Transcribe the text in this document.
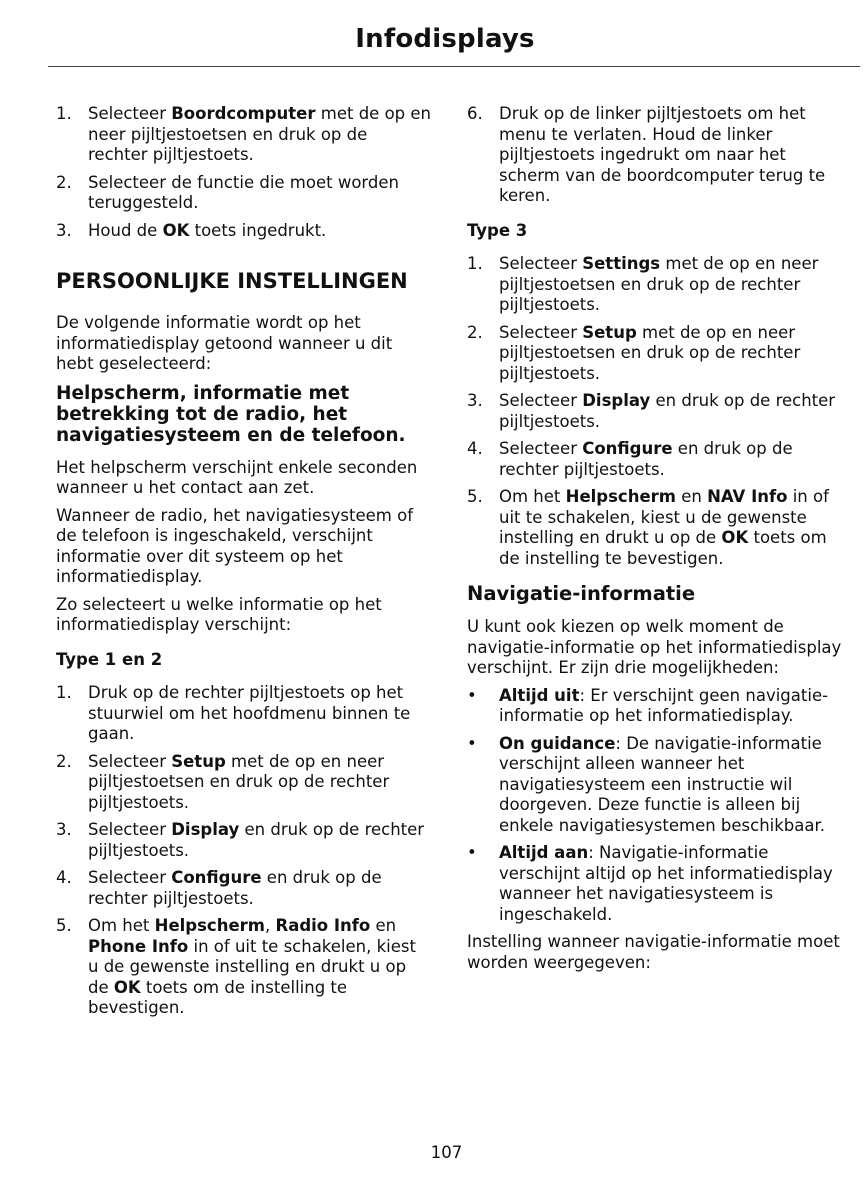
Infodisplays
1. Selecteer Boordcomputer met de op en neer pijltjestoetsen en druk op de rechter pijltjestoets.
2. Selecteer de functie die moet worden teruggesteld.
3. Houd de OK toets ingedrukt.
PERSOONLIJKE INSTELLINGEN

De volgende informatie wordt op het informatiedisplay getoond wanneer u dit hebt geselecteerd:

Helpscherm, informatie met betrekking tot de radio, het navigatiesysteem en de telefoon.

Het helpscherm verschijnt enkele seconden wanneer u het contact aan zet.

Wanneer de radio, het navigatiesysteem of de telefoon is ingeschakeld, verschijnt informatie over dit systeem op het informatiedisplay.

Zo selecteert u welke informatie op het informatiedisplay verschijnt:

Type 1 en 2
1. Druk op de rechter pijltjestoets op het stuurwiel om het hoofdmenu binnen te gaan.
2. Selecteer Setup met de op en neer pijltjestoetsen en druk op de rechter pijltjestoets.
3. Selecteer Display en druk op de rechter pijltjestoets.
4. Selecteer Configure en druk op de rechter pijltjestoets.
5. Om het Helpscherm, Radio Info en Phone Info in of uit te schakelen, kiest u de gewenste instelling en drukt u op de OK toets om de instelling te bevestigen.
6. Druk op de linker pijltjestoets om het menu te verlaten. Houd de linker pijltjestoets ingedrukt om naar het scherm van de boordcomputer terug te keren.
Type 3
1. Selecteer Settings met de op en neer pijltjestoetsen en druk op de rechter pijltjestoets.
2. Selecteer Setup met de op en neer pijltjestoetsen en druk op de rechter pijltjestoets.
3. Selecteer Display en druk op de rechter pijltjestoets.
4. Selecteer Configure en druk op de rechter pijltjestoets.
5. Om het Helpscherm en NAV Info in of uit te schakelen, kiest u de gewenste instelling en drukt u op de OK toets om de instelling te bevestigen.
Navigatie-informatie

U kunt ook kiezen op welk moment de navigatie-informatie op het informatiedisplay verschijnt. Er zijn drie mogelijkheden:

•	Altijd uit: Er verschijnt geen navigatie-informatie op het informatiedisplay.
•	On guidance: De navigatie-informatie verschijnt alleen wanneer het navigatiesysteem een instructie wil doorgeven. Deze functie is alleen bij enkele navigatiesystemen beschikbaar.
•	Altijd aan: Navigatie-informatie verschijnt altijd op het informatiedisplay wanneer het navigatiesysteem is ingeschakeld.

Instelling wanneer navigatie-informatie moet worden weergegeven:

107
